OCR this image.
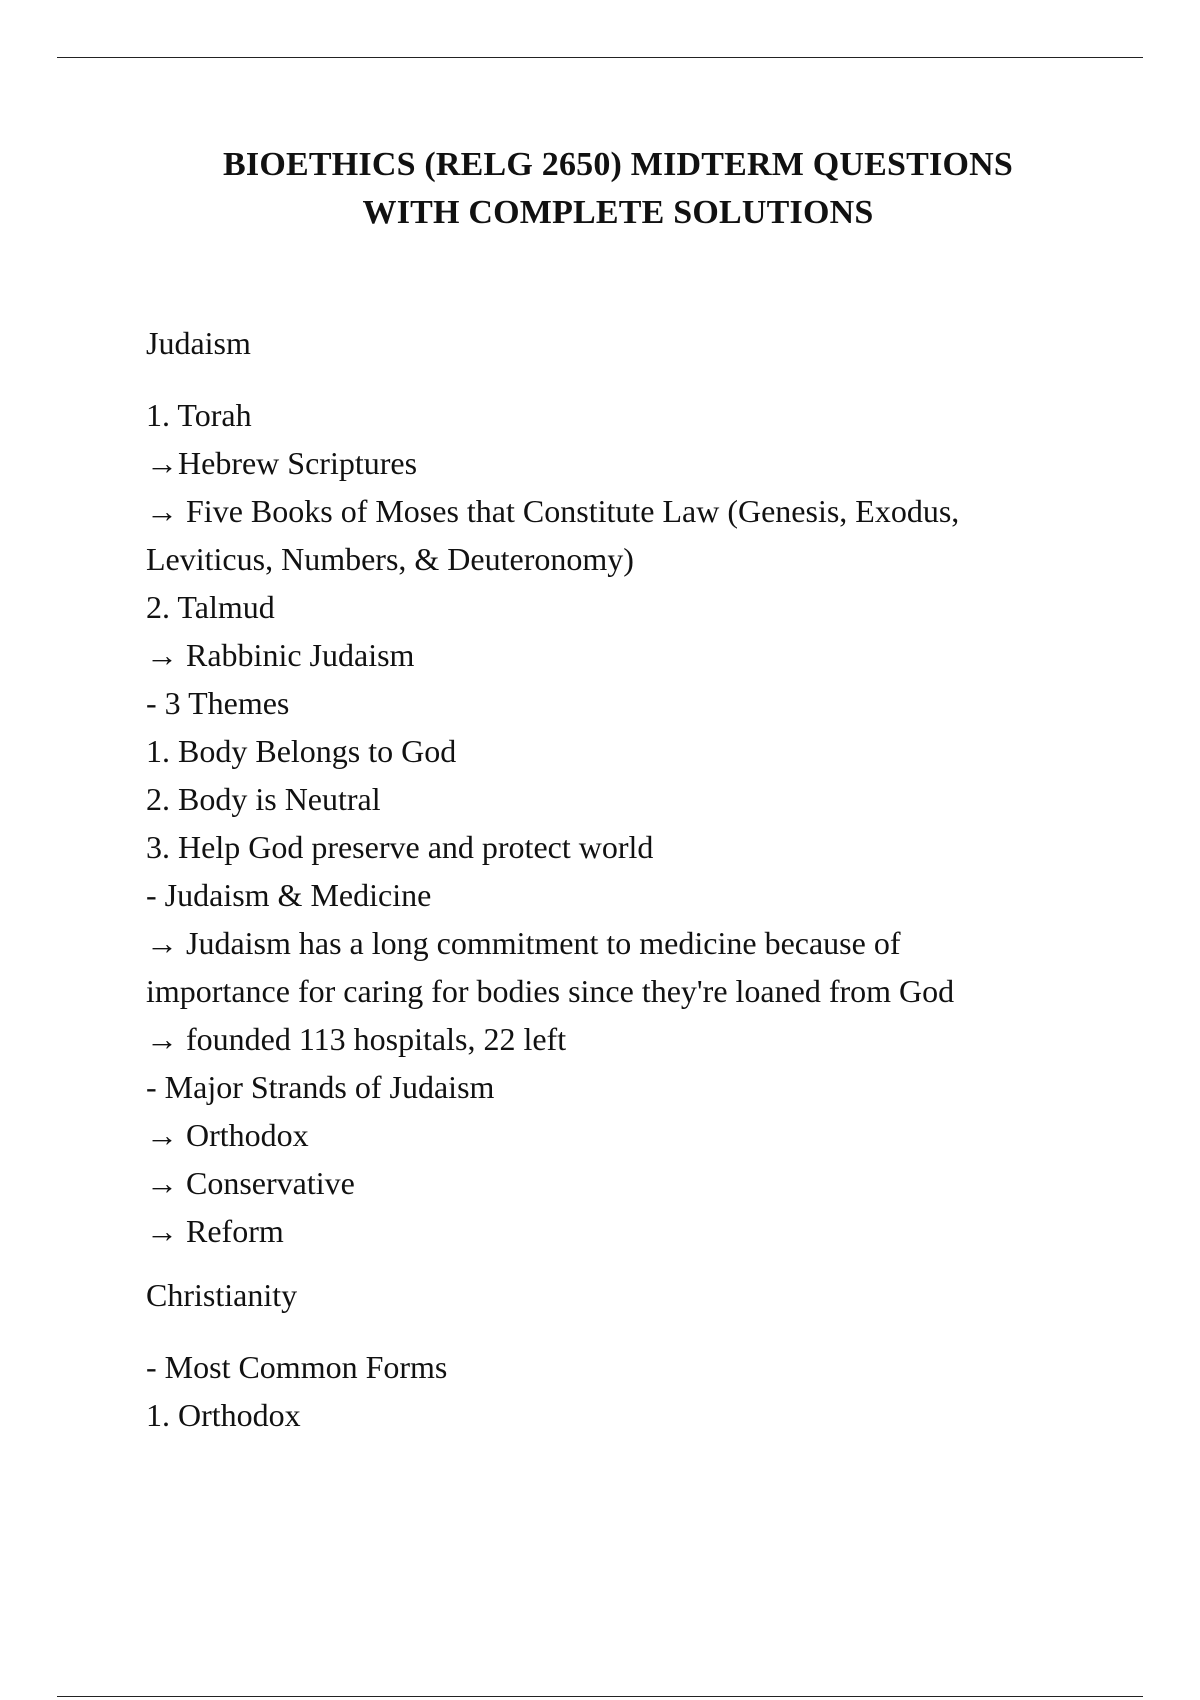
BIOETHICS (RELG 2650) MIDTERM QUESTIONS
WITH COMPLETE SOLUTIONS
Judaism
1. Torah
→Hebrew Scriptures
→ Five Books of Moses that Constitute Law (Genesis, Exodus,
Leviticus, Numbers, & Deuteronomy)
2. Talmud
→ Rabbinic Judaism
- 3 Themes
1. Body Belongs to God
2. Body is Neutral
3. Help God preserve and protect world
- Judaism & Medicine
→ Judaism has a long commitment to medicine because of
importance for caring for bodies since they're loaned from God
→ founded 113 hospitals, 22 left
- Major Strands of Judaism
→ Orthodox
→ Conservative
→ Reform
Christianity
- Most Common Forms
1. Orthodox
